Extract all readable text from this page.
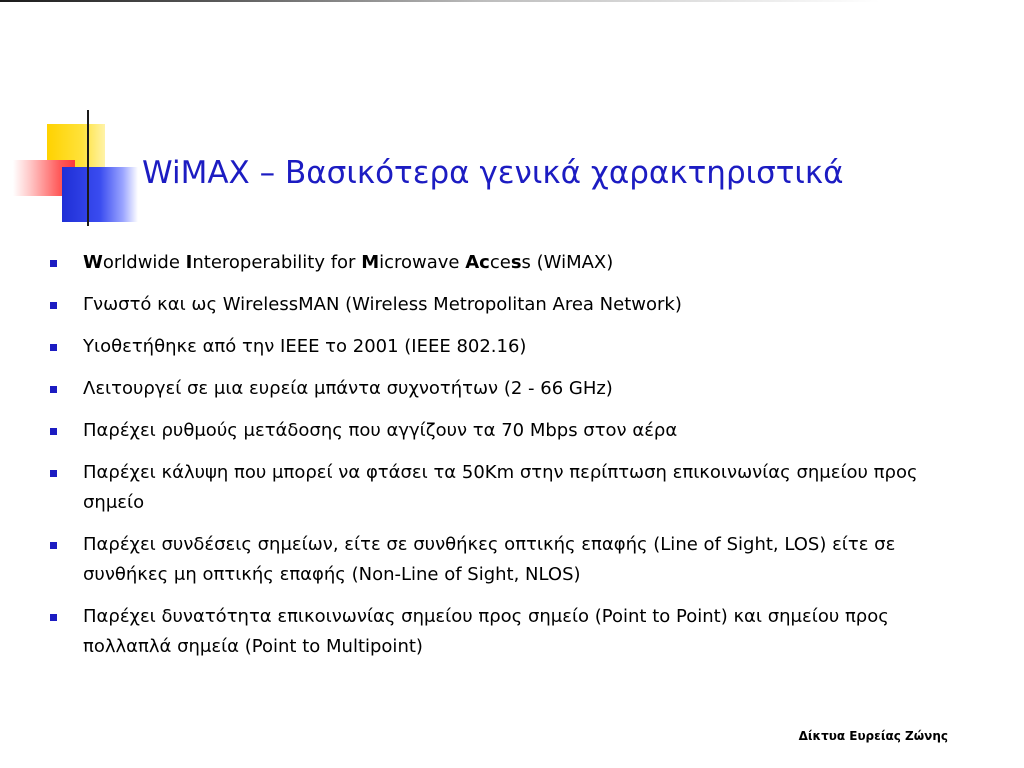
WiMAX – Βασικότερα γενικά χαρακτηριστικά
Worldwide Interoperability for Microwave Access (WiMAX)
Γνωστό και ως WirelessMAN (Wireless Metropolitan Area Network)
Υιοθετήθηκε από την IEEE το 2001 (IEEE 802.16)
Λειτουργεί σε μια ευρεία μπάντα συχνοτήτων (2 - 66 GHz)
Παρέχει ρυθμούς μετάδοσης που αγγίζουν τα 70 Mbps στον αέρα
Παρέχει κάλυψη που μπορεί να φτάσει τα 50Km στην περίπτωση επικοινωνίας σημείου προς σημείο
Παρέχει συνδέσεις σημείων, είτε σε συνθήκες οπτικής επαφής (Line of Sight, LOS) είτε σε συνθήκες μη οπτικής επαφής (Non-Line of Sight, NLOS)
Παρέχει δυνατότητα επικοινωνίας σημείου προς σημείο (Point to Point) και σημείου προς πολλαπλά σημεία (Point to Multipoint)
Δίκτυα Ευρείας Ζώνης
